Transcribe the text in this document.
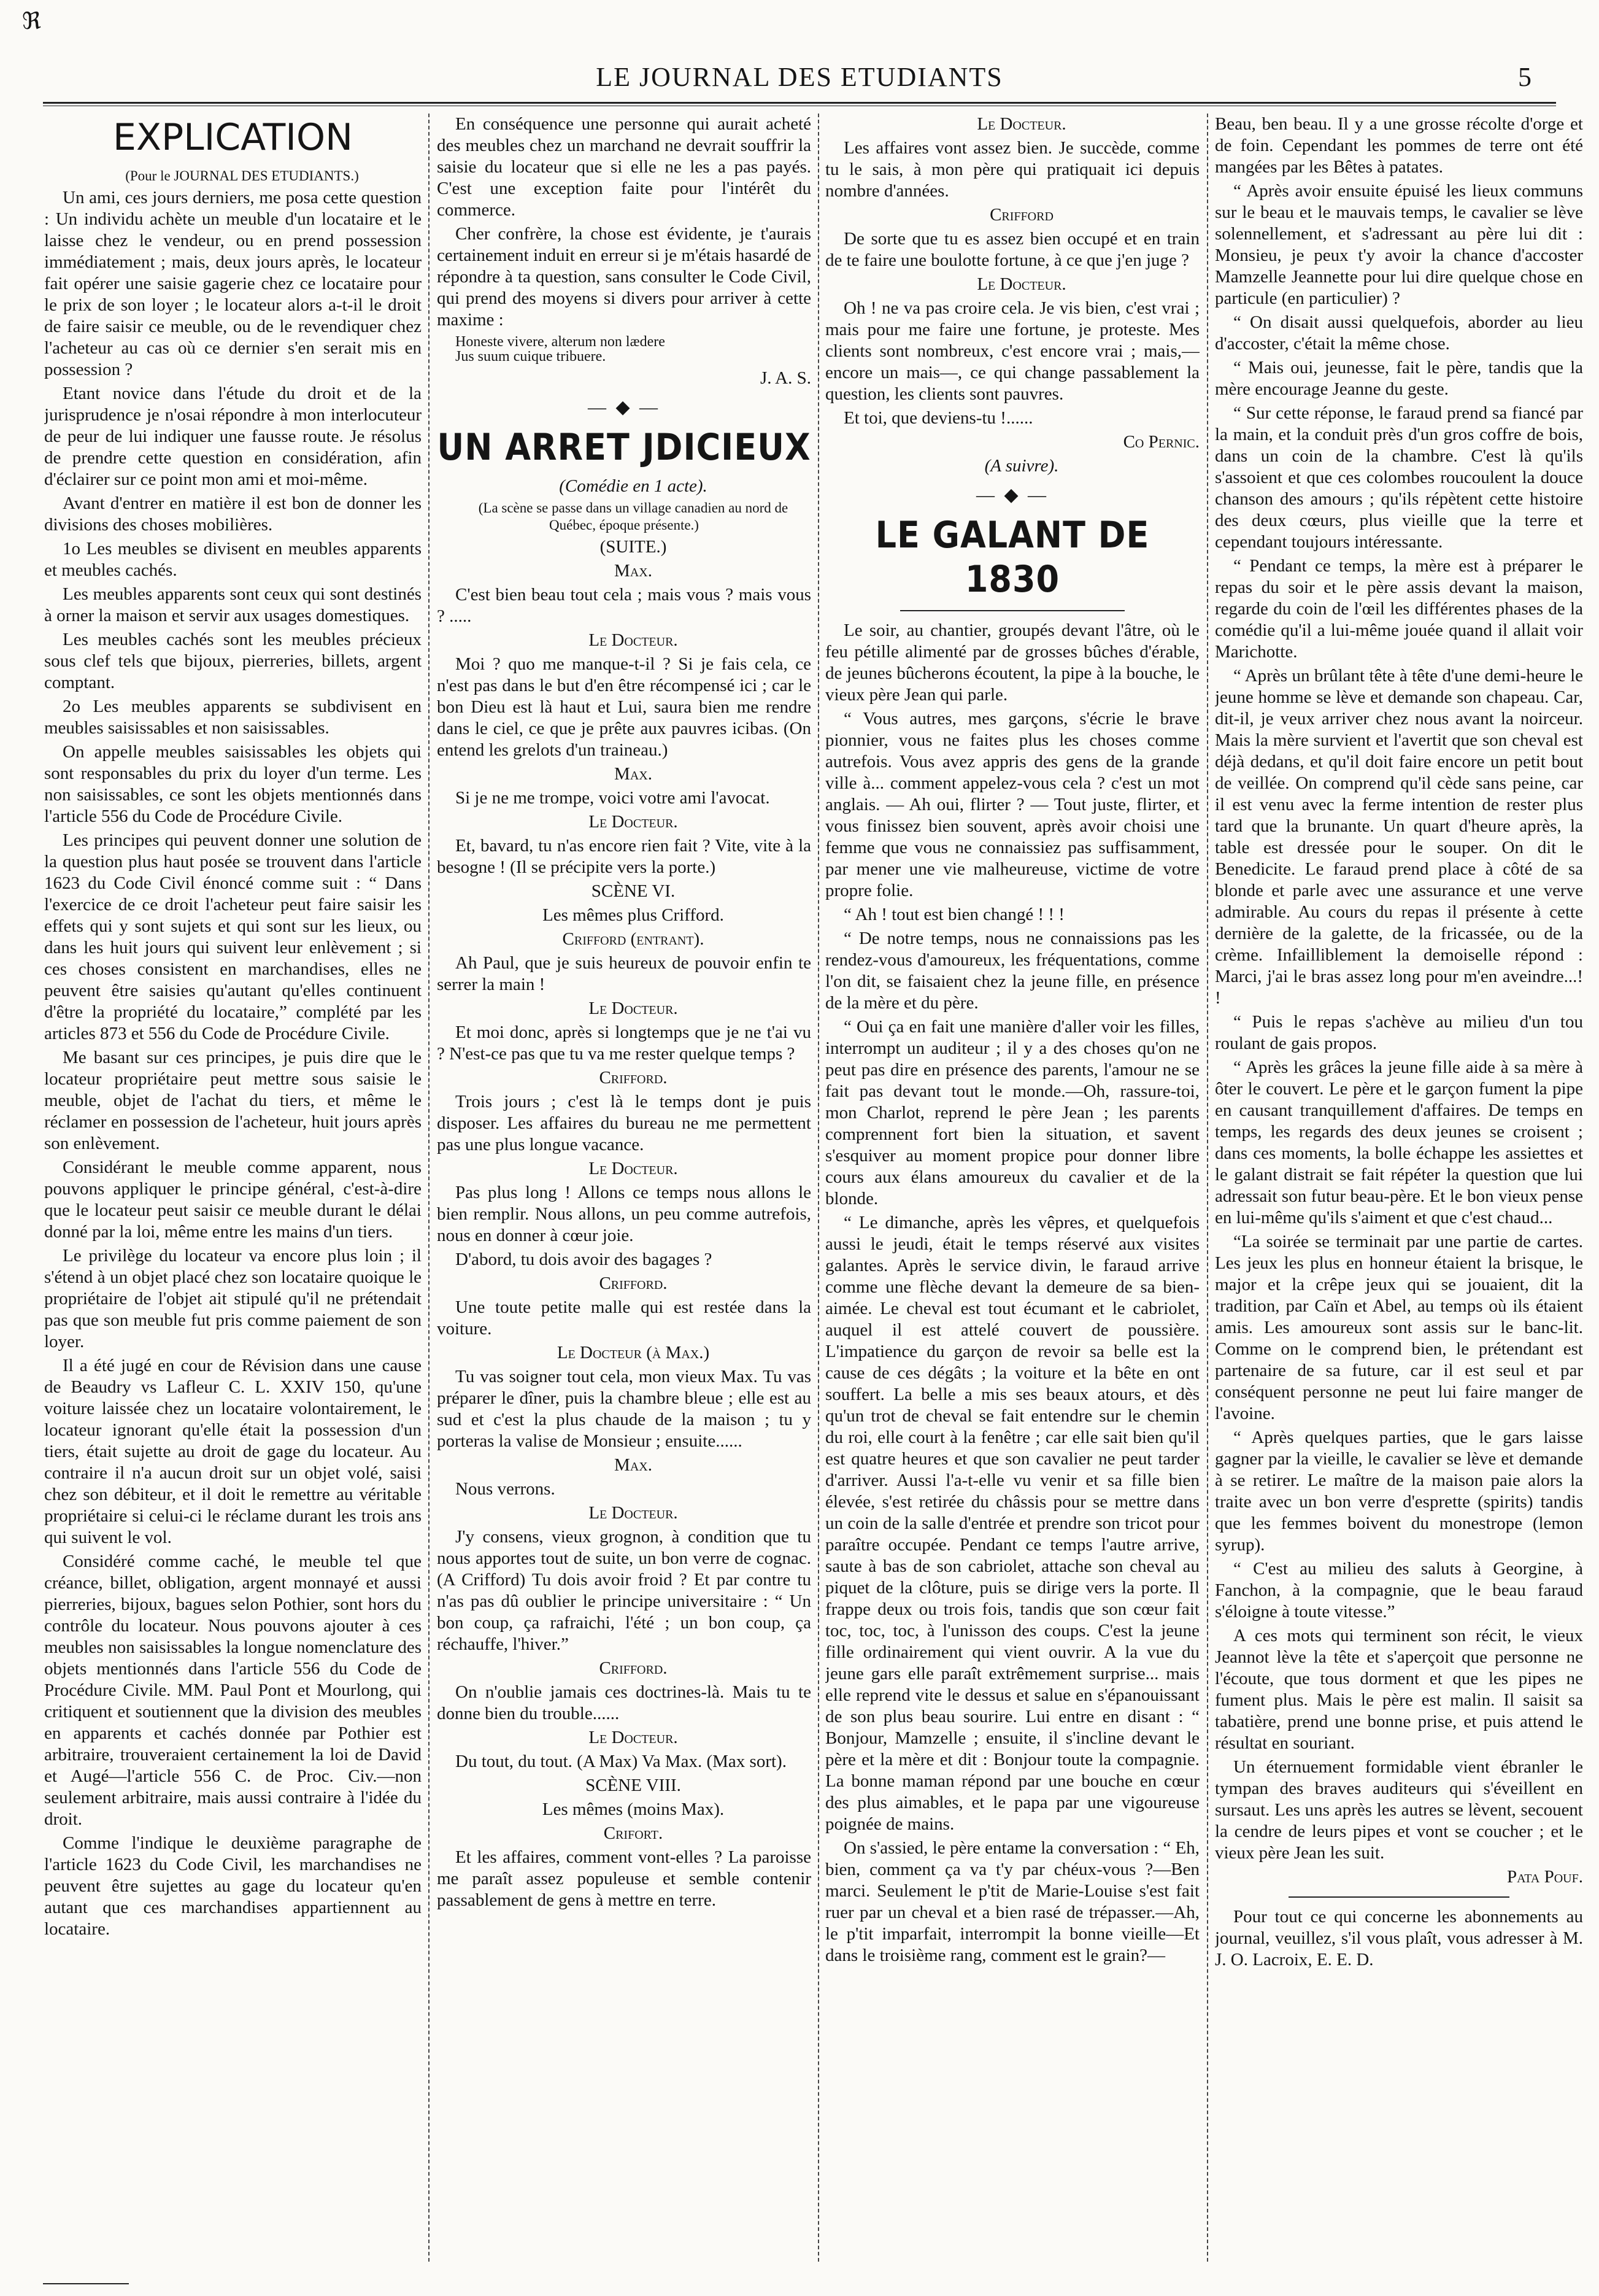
ℜ
LE JOURNAL DES ETUDIANTS	5
EXPLICATION

(Pour le JOURNAL DES ETUDIANTS.)

Un ami, ces jours derniers, me posa cette question : Un individu achète un meuble d'un locataire et le laisse chez le vendeur, ou en prend possession immédiatement ; mais, deux jours après, le locateur fait opérer une saisie gagerie chez ce locataire pour le prix de son loyer ; le locateur alors a-t-il le droit de faire saisir ce meuble, ou de le revendiquer chez l'acheteur au cas où ce dernier s'en serait mis en possession ?

Etant novice dans l'étude du droit et de la jurisprudence je n'osai répondre à mon interlocuteur de peur de lui indiquer une fausse route. Je résolus de prendre cette question en considération, afin d'éclairer sur ce point mon ami et moi-même.

Avant d'entrer en matière il est bon de donner les divisions des choses mobilières.

1o Les meubles se divisent en meubles apparents et meubles cachés.

Les meubles apparents sont ceux qui sont destinés à orner la maison et servir aux usages domestiques.

Les meubles cachés sont les meubles précieux sous clef tels que bijoux, pierreries, billets, argent comptant.

2o Les meubles apparents se subdivisent en meubles saisissables et non saisissables.

On appelle meubles saisissables les objets qui sont responsables du prix du loyer d'un terme. Les non saisissables, ce sont les objets mentionnés dans l'article 556 du Code de Procédure Civile.

Les principes qui peuvent donner une solution de la question plus haut posée se trouvent dans l'article 1623 du Code Civil énoncé comme suit : “ Dans l'exercice de ce droit l'acheteur peut faire saisir les effets qui y sont sujets et qui sont sur les lieux, ou dans les huit jours qui suivent leur enlèvement ; si ces choses consistent en marchandises, elles ne peuvent être saisies qu'autant qu'elles continuent d'être la propriété du locataire,” complété par les articles 873 et 556 du Code de Procédure Civile.

Me basant sur ces principes, je puis dire que le locateur propriétaire peut mettre sous saisie le meuble, objet de l'achat du tiers, et même le réclamer en possession de l'acheteur, huit jours après son enlèvement.

Considérant le meuble comme apparent, nous pouvons appliquer le principe général, c'est-à-dire que le locateur peut saisir ce meuble durant le délai donné par la loi, même entre les mains d'un tiers.

Le privilège du locateur va encore plus loin ; il s'étend à un objet placé chez son locataire quoique le propriétaire de l'objet ait stipulé qu'il ne prétendait pas que son meuble fut pris comme paiement de son loyer.

Il a été jugé en cour de Révision dans une cause de Beaudry vs Lafleur C. L. XXIV 150, qu'une voiture laissée chez un locataire volontairement, le locateur ignorant qu'elle était la possession d'un tiers, était sujette au droit de gage du locateur. Au contraire il n'a aucun droit sur un objet volé, saisi chez son débiteur, et il doit le remettre au véritable propriétaire si celui-ci le réclame durant les trois ans qui suivent le vol.

Considéré comme caché, le meuble tel que créance, billet, obligation, argent monnayé et aussi pierreries, bijoux, bagues selon Pothier, sont hors du contrôle du locateur. Nous pouvons ajouter à ces meubles non saisissables la longue nomenclature des objets mentionnés dans l'article 556 du Code de Procédure Civile. MM. Paul Pont et Mourlong, qui critiquent et soutiennent que la division des meubles en apparents et cachés donnée par Pothier est arbitraire, trouveraient certainement la loi de David et Augé—l'article 556 C. de Proc. Civ.—non seulement arbitraire, mais aussi contraire à l'idée du droit.

Comme l'indique le deuxième paragraphe de l'article 1623 du Code Civil, les marchandises ne peuvent être sujettes au gage du locateur qu'en autant que ces marchandises appartiennent au locataire.

En conséquence une personne qui aurait acheté des meubles chez un marchand ne devrait souffrir la saisie du locateur que si elle ne les a pas payés. C'est une exception faite pour l'intérêt du commerce.

Cher confrère, la chose est évidente, je t'aurais certainement induit en erreur si je m'étais hasardé de répondre à ta question, sans consulter le Code Civil, qui prend des moyens si divers pour arriver à cette maxime :

Honeste vivere, alterum non lædere

Jus suum cuique tribuere.

J. A. S.

— ◆ —
UN ARRET JDICIEUX

(Comédie en 1 acte).

(La scène se passe dans un village canadien au nord de Québec, époque présente.)

(SUITE.)

Max.

C'est bien beau tout cela ; mais vous ? mais vous ? .....

Le Docteur.

Moi ? quo me manque-t-il ? Si je fais cela, ce n'est pas dans le but d'en être récompensé ici ; car le bon Dieu est là haut et Lui, saura bien me rendre dans le ciel, ce que je prête aux pauvres icibas. (On entend les grelots d'un traineau.)

Max.

Si je ne me trompe, voici votre ami l'avocat.

Le Docteur.

Et, bavard, tu n'as encore rien fait ? Vite, vite à la besogne ! (Il se précipite vers la porte.)

SCÈNE VI.

Les mêmes plus Crifford.

Crifford (entrant).

Ah Paul, que je suis heureux de pouvoir enfin te serrer la main !

Le Docteur.

Et moi donc, après si longtemps que je ne t'ai vu ? N'est-ce pas que tu va me rester quelque temps ?

Crifford.

Trois jours ; c'est là le temps dont je puis disposer. Les affaires du bureau ne me permettent pas une plus longue vacance.

Le Docteur.

Pas plus long ! Allons ce temps nous allons le bien remplir. Nous allons, un peu comme autrefois, nous en donner à cœur joie.

D'abord, tu dois avoir des bagages ?

Crifford.

Une toute petite malle qui est restée dans la voiture.

Le Docteur (à Max.)

Tu vas soigner tout cela, mon vieux Max. Tu vas préparer le dîner, puis la chambre bleue ; elle est au sud et c'est la plus chaude de la maison ; tu y porteras la valise de Monsieur ; ensuite......

Max.

Nous verrons.

Le Docteur.

J'y consens, vieux grognon, à condition que tu nous apportes tout de suite, un bon verre de cognac. (A Crifford) Tu dois avoir froid ? Et par contre tu n'as pas dû oublier le principe universitaire : “ Un bon coup, ça rafraichi, l'été ; un bon coup, ça réchauffe, l'hiver.”

Crifford.

On n'oublie jamais ces doctrines-là. Mais tu te donne bien du trouble......

Le Docteur.

Du tout, du tout. (A Max) Va Max. (Max sort).

SCÈNE VIII.

Les mêmes (moins Max).

Crifort.

Et les affaires, comment vont-elles ? La paroisse me paraît assez populeuse et semble contenir passablement de gens à mettre en terre.

Le Docteur.

Les affaires vont assez bien. Je succède, comme tu le sais, à mon père qui pratiquait ici depuis nombre d'années.

Crifford

De sorte que tu es assez bien occupé et en train de te faire une boulotte fortune, à ce que j'en juge ?

Le Docteur.

Oh ! ne va pas croire cela. Je vis bien, c'est vrai ; mais pour me faire une fortune, je proteste. Mes clients sont nombreux, c'est encore vrai ; mais,— encore un mais—, ce qui change passablement la question, les clients sont pauvres.

Et toi, que deviens-tu !......

Co Pernic.

(A suivre).

— ◆ —
LE GALANT DE 1830

Le soir, au chantier, groupés devant l'âtre, où le feu pétille alimenté par de grosses bûches d'érable, de jeunes bûcherons écoutent, la pipe à la bouche, le vieux père Jean qui parle.

“ Vous autres, mes garçons, s'écrie le brave pionnier, vous ne faites plus les choses comme autrefois. Vous avez appris des gens de la grande ville à... comment appelez-vous cela ? c'est un mot anglais. — Ah oui, flirter ? — Tout juste, flirter, et vous finissez bien souvent, après avoir choisi une femme que vous ne connaissiez pas suffisamment, par mener une vie malheureuse, victime de votre propre folie.

“ Ah ! tout est bien changé ! ! !

“ De notre temps, nous ne connaissions pas les rendez-vous d'amoureux, les fréquentations, comme l'on dit, se faisaient chez la jeune fille, en présence de la mère et du père.

“ Oui ça en fait une manière d'aller voir les filles, interrompt un auditeur ; il y a des choses qu'on ne peut pas dire en présence des parents, l'amour ne se fait pas devant tout le monde.—Oh, rassure-toi, mon Charlot, reprend le père Jean ; les parents comprennent fort bien la situation, et savent s'esquiver au moment propice pour donner libre cours aux élans amoureux du cavalier et de la blonde.

“ Le dimanche, après les vêpres, et quelquefois aussi le jeudi, était le temps réservé aux visites galantes. Après le service divin, le faraud arrive comme une flèche devant la demeure de sa bien-aimée. Le cheval est tout écumant et le cabriolet, auquel il est attelé couvert de poussière. L'impatience du garçon de revoir sa belle est la cause de ces dégâts ; la voiture et la bête en ont souffert. La belle a mis ses beaux atours, et dès qu'un trot de cheval se fait entendre sur le chemin du roi, elle court à la fenêtre ; car elle sait bien qu'il est quatre heures et que son cavalier ne peut tarder d'arriver. Aussi l'a-t-elle vu venir et sa fille bien élevée, s'est retirée du châssis pour se mettre dans un coin de la salle d'entrée et prendre son tricot pour paraître occupée. Pendant ce temps l'autre arrive, saute à bas de son cabriolet, attache son cheval au piquet de la clôture, puis se dirige vers la porte. Il frappe deux ou trois fois, tandis que son cœur fait toc, toc, toc, à l'unisson des coups. C'est la jeune fille ordinairement qui vient ouvrir. A la vue du jeune gars elle paraît extrêmement surprise... mais elle reprend vite le dessus et salue en s'épanouissant de son plus beau sourire. Lui entre en disant : “ Bonjour, Mamzelle ; ensuite, il s'incline devant le père et la mère et dit : Bonjour toute la compagnie. La bonne maman répond par une bouche en cœur des plus aimables, et le papa par une vigoureuse poignée de mains.

On s'assied, le père entame la conversation : “ Eh, bien, comment ça va t'y par chéux-vous ?—Ben marci. Seulement le p'tit de Marie-Louise s'est fait ruer par un cheval et a bien rasé de trépasser.—Ah, le p'tit imparfait, interrompit la bonne vieille—Et dans le troisième rang, comment est le grain?—

Beau, ben beau. Il y a une grosse récolte d'orge et de foin. Cependant les pommes de terre ont été mangées par les Bêtes à patates.

“ Après avoir ensuite épuisé les lieux communs sur le beau et le mauvais temps, le cavalier se lève solennellement, et s'adressant au père lui dit : Monsieu, je peux t'y avoir la chance d'accoster Mamzelle Jeannette pour lui dire quelque chose en particule (en particulier) ?

“ On disait aussi quelquefois, aborder au lieu d'accoster, c'était la même chose.

“ Mais oui, jeunesse, fait le père, tandis que la mère encourage Jeanne du geste.

“ Sur cette réponse, le faraud prend sa fiancé par la main, et la conduit près d'un gros coffre de bois, dans un coin de la chambre. C'est là qu'ils s'assoient et que ces colombes roucoulent la douce chanson des amours ; qu'ils répètent cette histoire des deux cœurs, plus vieille que la terre et cependant toujours intéressante.

“ Pendant ce temps, la mère est à préparer le repas du soir et le père assis devant la maison, regarde du coin de l'œil les différentes phases de la comédie qu'il a lui-même jouée quand il allait voir Marichotte.

“ Après un brûlant tête à tête d'une demi-heure le jeune homme se lève et demande son chapeau. Car, dit-il, je veux arriver chez nous avant la noirceur. Mais la mère survient et l'avertit que son cheval est déjà dedans, et qu'il doit faire encore un petit bout de veillée. On comprend qu'il cède sans peine, car il est venu avec la ferme intention de rester plus tard que la brunante. Un quart d'heure après, la table est dressée pour le souper. On dit le Benedicite. Le faraud prend place à côté de sa blonde et parle avec une assurance et une verve admirable. Au cours du repas il présente à cette dernière de la galette, de la fricassée, ou de la crème. Infailliblement la demoiselle répond : Marci, j'ai le bras assez long pour m'en aveindre...! !

“ Puis le repas s'achève au milieu d'un tou roulant de gais propos.

“ Après les grâces la jeune fille aide à sa mère à ôter le couvert. Le père et le garçon fument la pipe en causant tranquillement d'affaires. De temps en temps, les regards des deux jeunes se croisent ; dans ces moments, la bolle échappe les assiettes et le galant distrait se fait répéter la question que lui adressait son futur beau-père. Et le bon vieux pense en lui-même qu'ils s'aiment et que c'est chaud...

“La soirée se terminait par une partie de cartes. Les jeux les plus en honneur étaient la brisque, le major et la crêpe jeux qui se jouaient, dit la tradition, par Caïn et Abel, au temps où ils étaient amis. Les amoureux sont assis sur le banc-lit. Comme on le comprend bien, le prétendant est partenaire de sa future, car il est seul et par conséquent personne ne peut lui faire manger de l'avoine.

“ Après quelques parties, que le gars laisse gagner par la vieille, le cavalier se lève et demande à se retirer. Le maître de la maison paie alors la traite avec un bon verre d'esprette (spirits) tandis que les femmes boivent du monestrope (lemon syrup).

“ C'est au milieu des saluts à Georgine, à Fanchon, à la compagnie, que le beau faraud s'éloigne à toute vitesse.”

A ces mots qui terminent son récit, le vieux Jeannot lève la tête et s'aperçoit que personne ne l'écoute, que tous dorment et que les pipes ne fument plus. Mais le père est malin. Il saisit sa tabatière, prend une bonne prise, et puis attend le résultat en souriant.

Un éternuement formidable vient ébranler le tympan des braves auditeurs qui s'éveillent en sursaut. Les uns après les autres se lèvent, secouent la cendre de leurs pipes et vont se coucher ; et le vieux père Jean les suit.

Pata Pouf.

Pour tout ce qui concerne les abonnements au journal, veuillez, s'il vous plaît, vous adresser à M. J. O. Lacroix, E. E. D.
